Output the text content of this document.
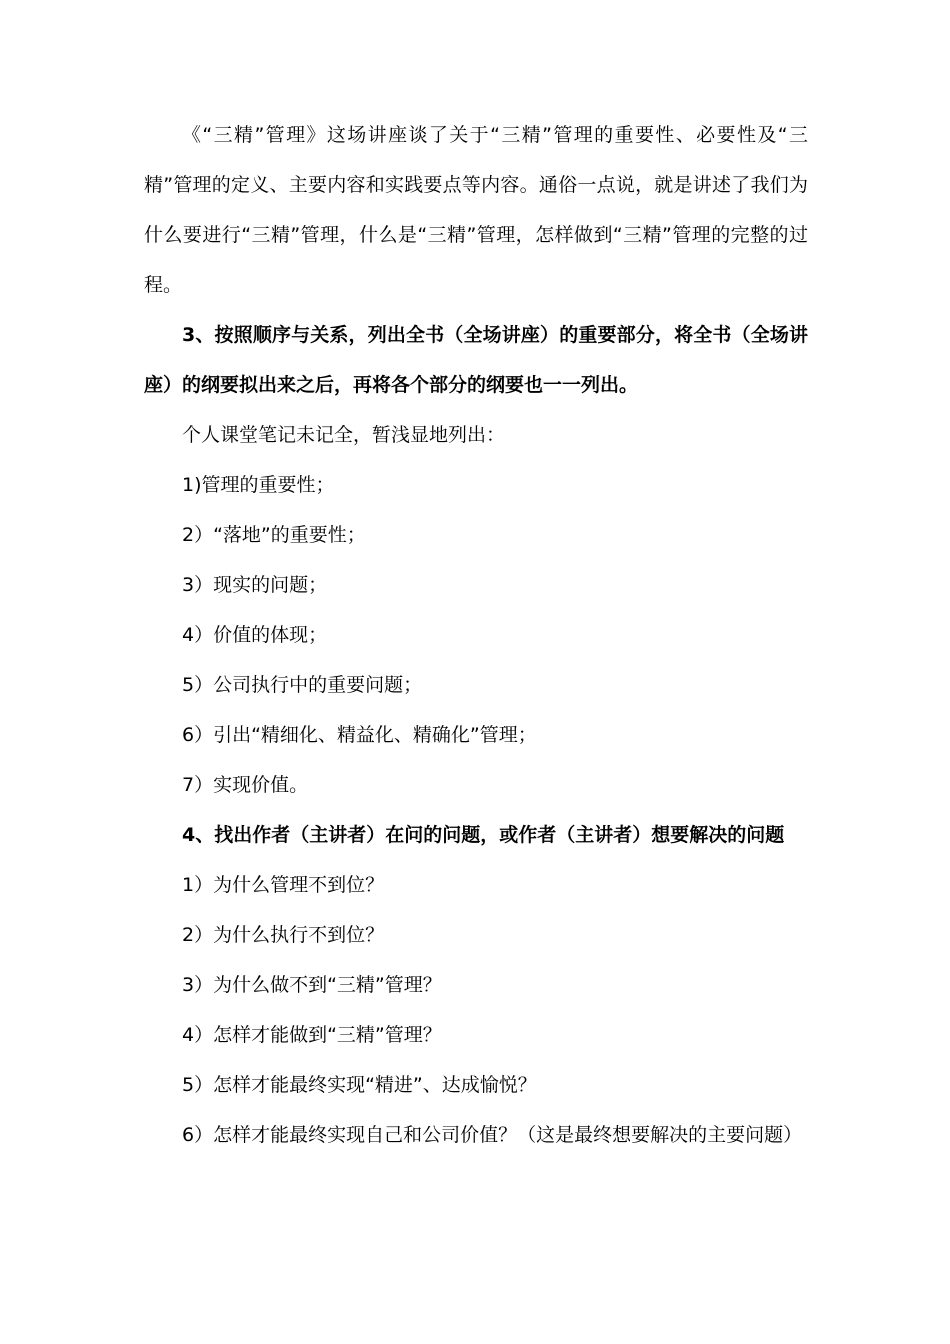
《“三精”管理》这场讲座谈了关于“三精”管理的重要性、必要性及“三精”管理的定义、主要内容和实践要点等内容。通俗一点说，就是讲述了我们为什么要进行“三精”管理，什么是“三精”管理，怎样做到“三精”管理的完整的过程。

3、按照顺序与关系，列出全书（全场讲座）的重要部分，将全书（全场讲座）的纲要拟出来之后，再将各个部分的纲要也一一列出。

个人课堂笔记未记全，暂浅显地列出：

1)管理的重要性；

2）“落地”的重要性；

3）现实的问题；

4）价值的体现；

5）公司执行中的重要问题；

6）引出“精细化、精益化、精确化”管理；

7）实现价值。

4、找出作者（主讲者）在问的问题，或作者（主讲者）想要解决的问题

1）为什么管理不到位？

2）为什么执行不到位？

3）为什么做不到“三精”管理？

4）怎样才能做到“三精”管理？

5）怎样才能最终实现“精进”、达成愉悦？

6）怎样才能最终实现自己和公司价值？（这是最终想要解决的主要问题）
